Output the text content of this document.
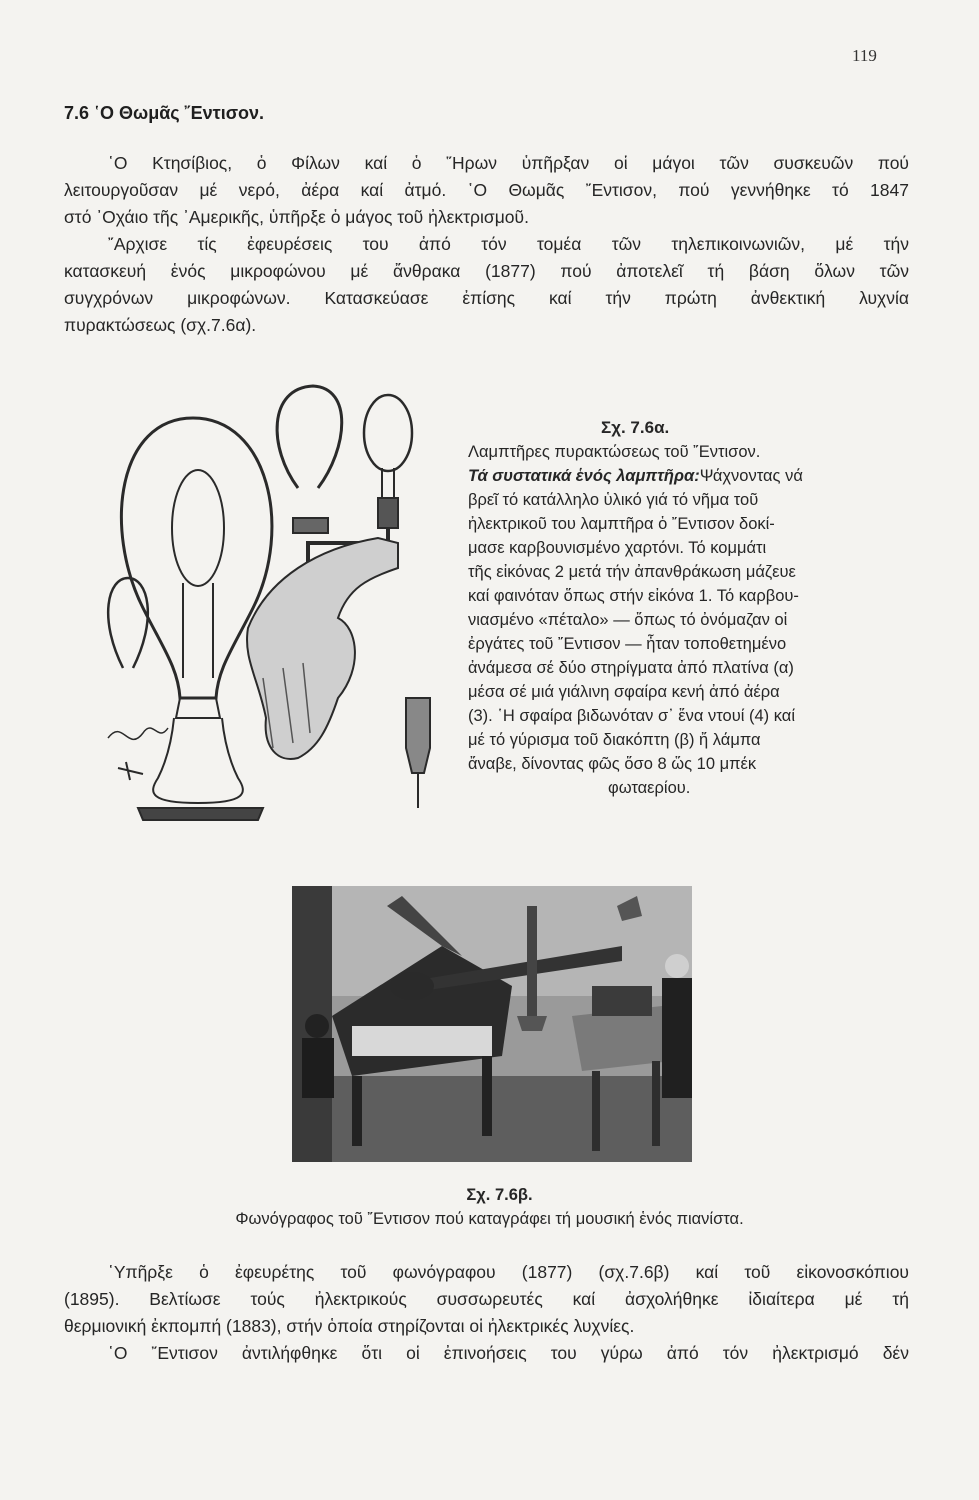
119
7.6 ῾Ο Θωμᾶς ῎Εντισον.
῾Ο Κτησίβιος, ὁ Φίλων καί ὁ ῞Ηρων ὑπῆρξαν οἱ μάγοι τῶν συσκευῶν πού
λειτουργοῦσαν μέ νερό, ἀέρα καί ἀτμό. ῾Ο Θωμᾶς ῎Εντισον, πού γεννήθηκε τό 1847
στό ᾿Οχάιο τῆς ᾿Αμερικῆς, ὑπῆρξε ὁ μάγος τοῦ ἠλεκτρισμοῦ.
῎Αρχισε τίς ἐφευρέσεις του ἀπό τόν τομέα τῶν τηλεπικοινωνιῶν, μέ τήν
κατασκευή ἑνός μικροφώνου μέ ἄνθρακα (1877) πού ἀποτελεῖ τή βάση ὅλων τῶν
συγχρόνων μικροφώνων. Κατασκεύασε ἐπίσης καί τήν πρώτη ἀνθεκτική λυχνία
πυρακτώσεως (σχ.7.6α).
Σχ. 7.6α.
Λαμπτῆρες πυρακτώσεως τοῦ ῎Εντισον.
Τά συστατικά ἑνός λαμπτῆρα:Ψάχνοντας νά
βρεῖ τό κατάλληλο ὑλικό γιά τό νῆμα τοῦ
ἠλεκτρικοῦ του λαμπτῆρα ὁ ῎Εντισον δοκί-
μασε καρβουνισμένο χαρτόνι. Τό κομμάτι
τῆς εἰκόνας 2 μετά τήν ἀπανθράκωση μάζευε
καί φαινόταν ὅπως στήν εἰκόνα 1. Τό καρβου-
νιασμένο «πέταλο» — ὅπως τό ὀνόμαζαν οἱ
ἐργάτες τοῦ ῎Εντισον — ἦταν τοποθετημένο
ἀνάμεσα σέ δύο στηρίγματα ἀπό πλατίνα (α)
μέσα σέ μιά γιάλινη σφαίρα κενή ἀπό ἀέρα
(3). ῾Η σφαίρα βιδωνόταν σ᾿ ἕνα ντουί (4) καί
μέ τό γύρισμα τοῦ διακόπτη (β) ἤ λάμπα
ἄναβε, δίνοντας φῶς ὅσο 8 ὥς 10 μπέκ
φωταερίου.
Σχ. 7.6β.
Φωνόγραφος τοῦ ῎Εντισον πού καταγράφει τή μουσική ἑνός πιανίστα.
῾Υπῆρξε ὁ ἐφευρέτης τοῦ φωνόγραφου (1877) (σχ.7.6β) καί τοῦ εἰκονοσκόπιου
(1895). Βελτίωσε τούς ἠλεκτρικούς συσσωρευτές καί ἀσχολήθηκε ἰδιαίτερα μέ τή
θερμιονική ἐκπομπή (1883), στήν ὁποία στηρίζονται οἱ ἠλεκτρικές λυχνίες.
῾Ο ῎Εντισον ἀντιλήφθηκε ὅτι οἱ ἐπινοήσεις του γύρω ἀπό τόν ἠλεκτρισμό δέν
